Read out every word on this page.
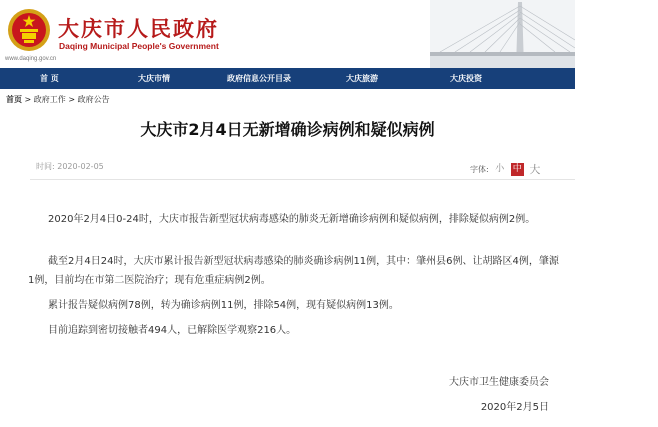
大庆市人民政府
Daqing Municipal People's Government
www.daqing.gov.cn
首 页	大庆市情	政府信息公开目录	大庆旅游	大庆投资
首页 > 政府工作 > 政府公告
大庆市2月4日无新增确诊病例和疑似病例
时间: 2020-02-05	字体: 小 中 大

2020年2月4日0-24时，大庆市报告新型冠状病毒感染的肺炎无新增确诊病例和疑似病例，排除疑似病例2例。

截至2月4日24时，大庆市累计报告新型冠状病毒感染的肺炎确诊病例11例，其中：肇州县6例、让胡路区4例，肇源1例，目前均在市第二医院治疗；现有危重症病例2例。

累计报告疑似病例78例，转为确诊病例11例，排除54例，现有疑似病例13例。

目前追踪到密切接触者494人，已解除医学观察216人。

大庆市卫生健康委员会
2020年2月5日
